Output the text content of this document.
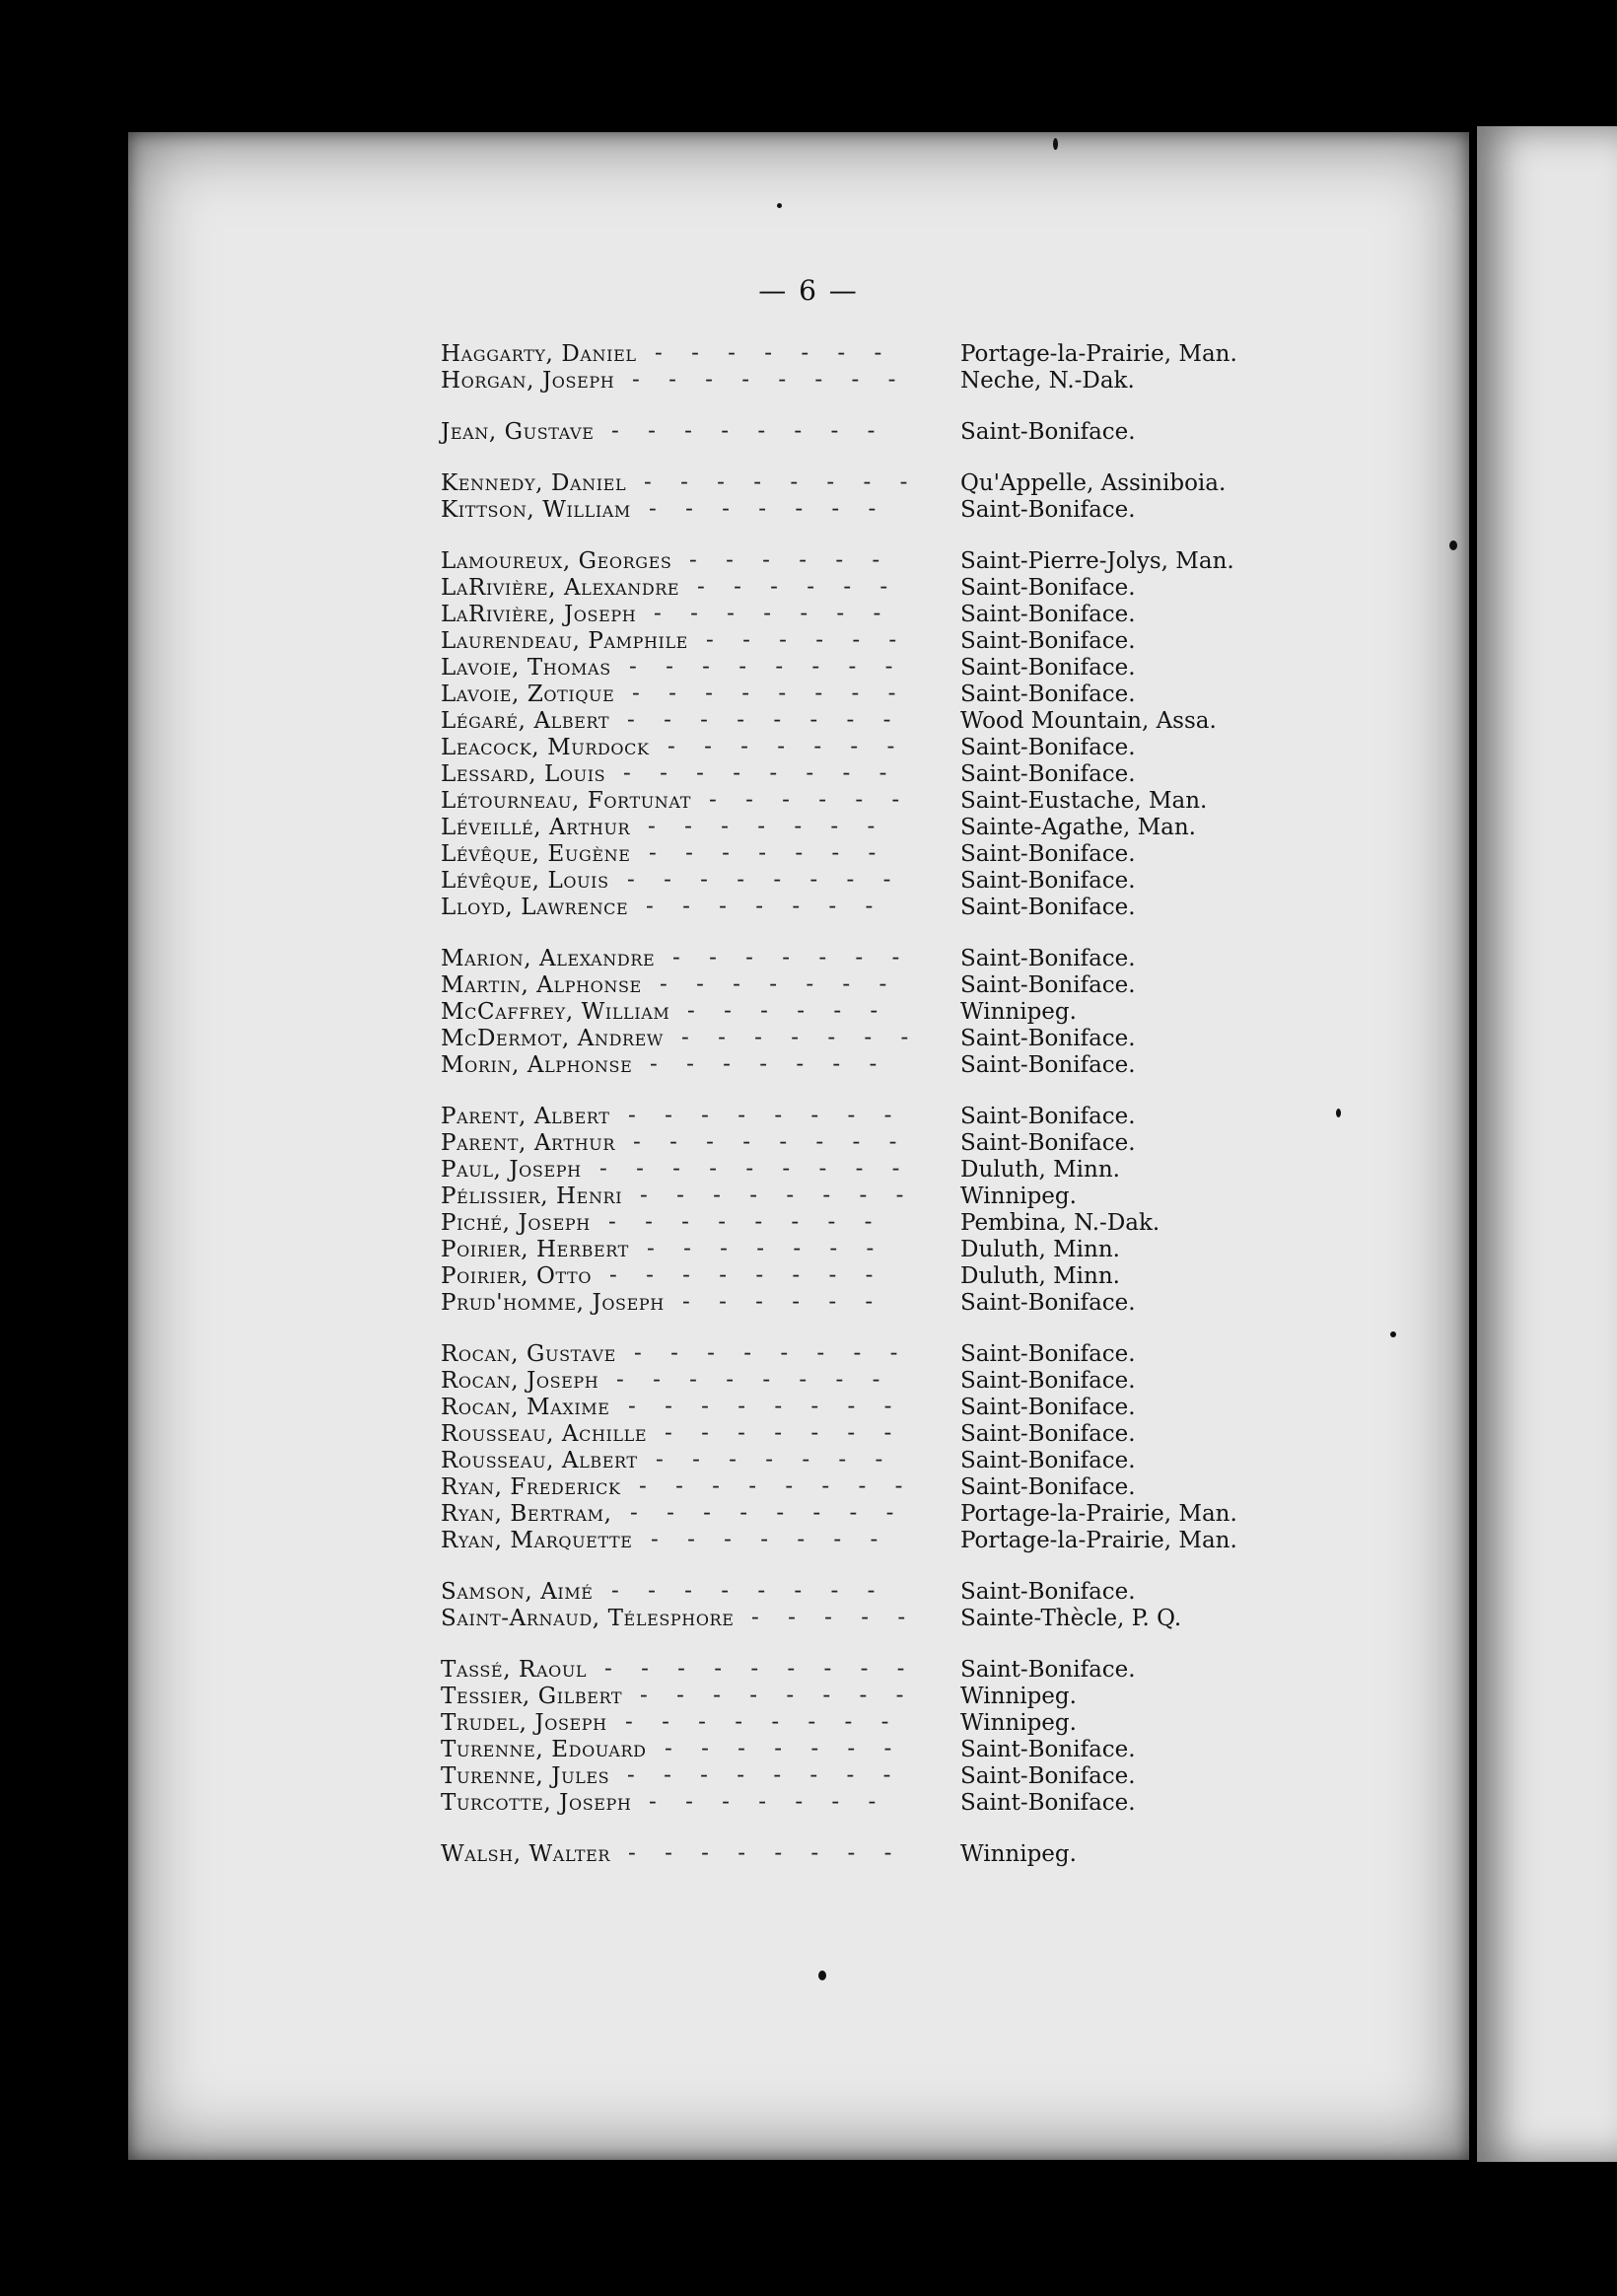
— 6 —
Haggarty, Daniel - - - - - - -	Portage-la-Prairie, Man.
Horgan, Joseph - - - - - - - -	Neche, N.-Dak.
Jean, Gustave - - - - - - - -	Saint-Boniface.
Kennedy, Daniel - - - - - - - -	Qu'Appelle, Assiniboia.
Kittson, William - - - - - - -	Saint-Boniface.
Lamoureux, Georges - - - - - -	Saint-Pierre-Jolys, Man.
LaRivière, Alexandre - - - - - -	Saint-Boniface.
LaRivière, Joseph - - - - - - -	Saint-Boniface.
Laurendeau, Pamphile - - - - - -	Saint-Boniface.
Lavoie, Thomas - - - - - - - -	Saint-Boniface.
Lavoie, Zotique - - - - - - - -	Saint-Boniface.
Légaré, Albert - - - - - - - -	Wood Mountain, Assa.
Leacock, Murdock - - - - - - -	Saint-Boniface.
Lessard, Louis - - - - - - - -	Saint-Boniface.
Létourneau, Fortunat - - - - - -	Saint-Eustache, Man.
Léveillé, Arthur - - - - - - -	Sainte-Agathe, Man.
Lévêque, Eugène - - - - - - -	Saint-Boniface.
Lévêque, Louis - - - - - - - -	Saint-Boniface.
Lloyd, Lawrence - - - - - - -	Saint-Boniface.
Marion, Alexandre - - - - - - -	Saint-Boniface.
Martin, Alphonse - - - - - - -	Saint-Boniface.
McCaffrey, William - - - - - -	Winnipeg.
McDermot, Andrew - - - - - - -	Saint-Boniface.
Morin, Alphonse - - - - - - -	Saint-Boniface.
Parent, Albert - - - - - - - -	Saint-Boniface.
Parent, Arthur - - - - - - - -	Saint-Boniface.
Paul, Joseph - - - - - - - - -	Duluth, Minn.
Pélissier, Henri - - - - - - - -	Winnipeg.
Piché, Joseph - - - - - - - -	Pembina, N.-Dak.
Poirier, Herbert - - - - - - -	Duluth, Minn.
Poirier, Otto - - - - - - - -	Duluth, Minn.
Prud'homme, Joseph - - - - - -	Saint-Boniface.
Rocan, Gustave - - - - - - - -	Saint-Boniface.
Rocan, Joseph - - - - - - - -	Saint-Boniface.
Rocan, Maxime - - - - - - - -	Saint-Boniface.
Rousseau, Achille - - - - - - -	Saint-Boniface.
Rousseau, Albert - - - - - - -	Saint-Boniface.
Ryan, Frederick - - - - - - - -	Saint-Boniface.
Ryan, Bertram, - - - - - - - -	Portage-la-Prairie, Man.
Ryan, Marquette - - - - - - -	Portage-la-Prairie, Man.
Samson, Aimé - - - - - - - -	Saint-Boniface.
Saint-Arnaud, Télesphore - - - - -	Sainte-Thècle, P. Q.
Tassé, Raoul - - - - - - - - -	Saint-Boniface.
Tessier, Gilbert - - - - - - - -	Winnipeg.
Trudel, Joseph - - - - - - - -	Winnipeg.
Turenne, Edouard - - - - - - -	Saint-Boniface.
Turenne, Jules - - - - - - - -	Saint-Boniface.
Turcotte, Joseph - - - - - - -	Saint-Boniface.
Walsh, Walter - - - - - - - -	Winnipeg.
